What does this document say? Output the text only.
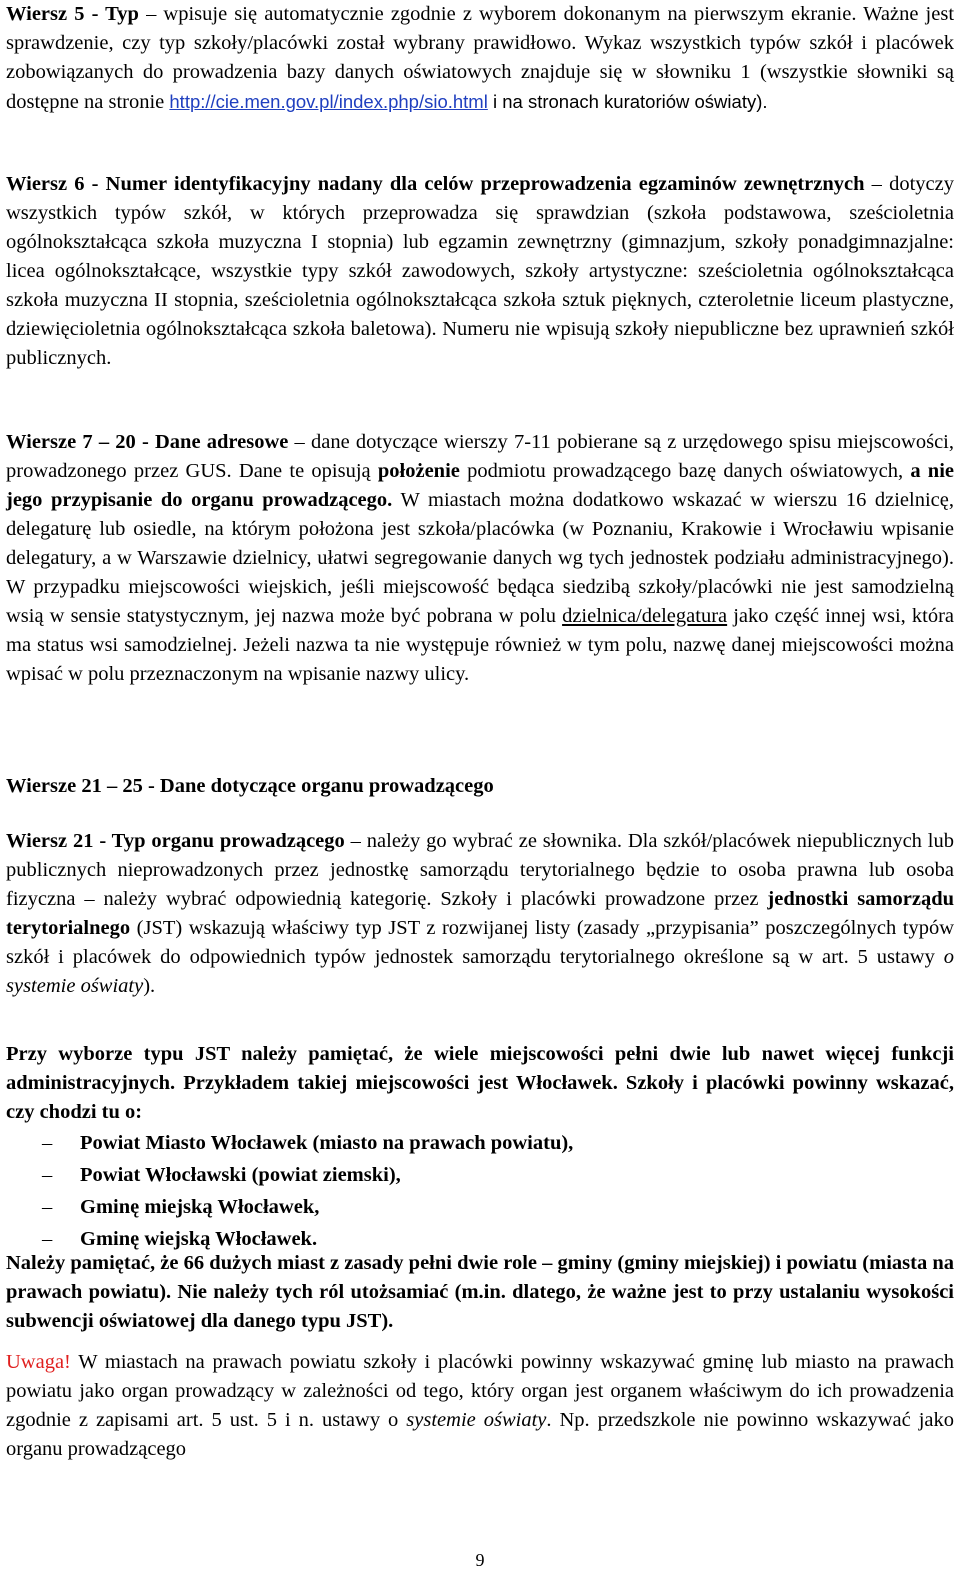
Wiersz 5 - Typ – wpisuje się automatycznie zgodnie z wyborem dokonanym na pierwszym ekranie. Ważne jest sprawdzenie, czy typ szkoły/placówki został wybrany prawidłowo. Wykaz wszystkich typów szkół i placówek zobowiązanych do prowadzenia bazy danych oświatowych znajduje się w słowniku 1 (wszystkie słowniki są dostępne na stronie http://cie.men.gov.pl/index.php/sio.html i na stronach kuratoriów oświaty).

Wiersz 6 - Numer identyfikacyjny nadany dla celów przeprowadzenia egzaminów zewnętrznych – dotyczy wszystkich typów szkół, w których przeprowadza się sprawdzian (szkoła podstawowa, sześcioletnia ogólnokształcąca szkoła muzyczna I stopnia) lub egzamin zewnętrzny (gimnazjum, szkoły ponadgimnazjalne: licea ogólnokształcące, wszystkie typy szkół zawodowych, szkoły artystyczne: sześcioletnia ogólnokształcąca szkoła muzyczna II stopnia, sześcioletnia ogólnokształcąca szkoła sztuk pięknych, czteroletnie liceum plastyczne, dziewięcioletnia ogólnokształcąca szkoła baletowa). Numeru nie wpisują szkoły niepubliczne bez uprawnień szkół publicznych.

Wiersze 7 – 20 - Dane adresowe – dane dotyczące wierszy 7-11 pobierane są z urzędowego spisu miejscowości, prowadzonego przez GUS. Dane te opisują położenie podmiotu prowadzącego bazę danych oświatowych, a nie jego przypisanie do organu prowadzącego. W miastach można dodatkowo wskazać w wierszu 16 dzielnicę, delegaturę lub osiedle, na którym położona jest szkoła/placówka (w Poznaniu, Krakowie i Wrocławiu wpisanie delegatury, a w Warszawie dzielnicy, ułatwi segregowanie danych wg tych jednostek podziału administracyjnego). W przypadku miejscowości wiejskich, jeśli miejscowość będąca siedzibą szkoły/placówki nie jest samodzielną wsią w sensie statystycznym, jej nazwa może być pobrana w polu dzielnica/delegatura jako część innej wsi, która ma status wsi samodzielnej. Jeżeli nazwa ta nie występuje również w tym polu, nazwę danej miejscowości można wpisać w polu przeznaczonym na wpisanie nazwy ulicy.

Wiersze 21 – 25 - Dane dotyczące organu prowadzącego

Wiersz 21 - Typ organu prowadzącego – należy go wybrać ze słownika. Dla szkół/placówek niepublicznych lub publicznych nieprowadzonych przez jednostkę samorządu terytorialnego będzie to osoba prawna lub osoba fizyczna – należy wybrać odpowiednią kategorię. Szkoły i placówki prowadzone przez jednostki samorządu terytorialnego (JST) wskazują właściwy typ JST z rozwijanej listy (zasady „przypisania” poszczególnych typów szkół i placówek do odpowiednich typów jednostek samorządu terytorialnego określone są w art. 5 ustawy o systemie oświaty).

Przy wyborze typu JST należy pamiętać, że wiele miejscowości pełni dwie lub nawet więcej funkcji administracyjnych. Przykładem takiej miejscowości jest Włocławek. Szkoły i placówki powinny wskazać, czy chodzi tu o:

– Powiat Miasto Włocławek (miasto na prawach powiatu),
– Powiat Włocławski (powiat ziemski),
– Gminę miejską Włocławek,
– Gminę wiejską Włocławek.

Należy pamiętać, że 66 dużych miast z zasady pełni dwie role – gminy (gminy miejskiej) i powiatu (miasta na prawach powiatu). Nie należy tych ról utożsamiać (m.in. dlatego, że ważne jest to przy ustalaniu wysokości subwencji oświatowej dla danego typu JST).

Uwaga! W miastach na prawach powiatu szkoły i placówki powinny wskazywać gminę lub miasto na prawach powiatu jako organ prowadzący w zależności od tego, który organ jest organem właściwym do ich prowadzenia zgodnie z zapisami art. 5 ust. 5 i n. ustawy o systemie oświaty. Np. przedszkole nie powinno wskazywać jako organu prowadzącego

9
